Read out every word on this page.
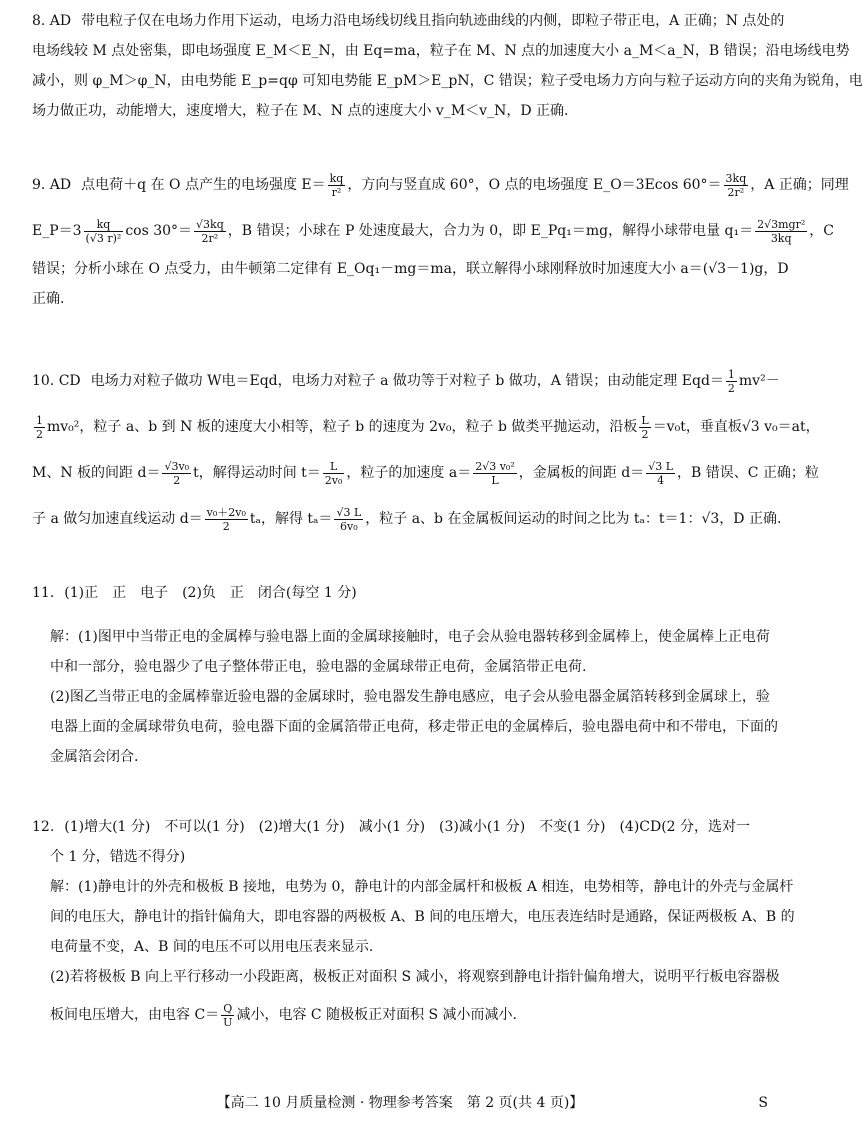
8. AD 带电粒子仅在电场力作用下运动，电场力沿电场线切线且指向轨迹曲线的内侧，即粒子带正电，A 正确；N 点处的
电场线较 M 点处密集，即电场强度 E_M＜E_N，由 Eq=ma，粒子在 M、N 点的加速度大小 a_M＜a_N，B 错误；沿电场线电势
减小，则 φ_M＞φ_N，由电势能 E_p=qφ 可知电势能 E_pM＞E_pN，C 错误；粒子受电场力方向与粒子运动方向的夹角为锐角，电
场力做正功，动能增大，速度增大，粒子在 M、N 点的速度大小 v_M＜v_N，D 正确.
9. AD 点电荷＋q 在 O 点产生的电场强度 $E= \frac{kq}{\text{r²}}$ ，方向与竖直成 60°，O 点的电场强度 E_O＝3Ecos $60^\circ= \frac{3kq}{\text{2r²}}$ ，A 正确；同理
E_P＝3 $\frac{kq}{\text{(√3 r)²}}$ $\cos 30^\circ= \frac{√3kq}{\text{2r²}}$ ，B 错误；小球在 P 处速度最大，合力为 0，即 E_Pq₁＝mg，解得小球带电量 $q_1= \frac{\text{2√3mgr²}}{3kq}$ ，C
错误；分析小球在 O 点受力，由牛顿第二定律有 E_Oq₁－mg＝ma，联立解得小球刚释放时加速度大小 a＝(√3－1)g，D
正确.
10. CD 电场力对粒子做功 W电＝Eqd，电场力对粒子 a 做功等于对粒子 b 做功，A 错误；由动能定理 $Eqd= \frac{1}{2} mv^2-$
$\frac{1}{2} mv_0^2$，粒子 a、b 到 N 板的速度大小相等，粒子 b 的速度为 2v₀，粒子 b 做类平抛运动，沿板 $\frac{L}{2} =v_0t$，垂直板√3 v₀＝at，
M、N 板的间距 $d= \frac{\text{√3v₀}}{2}$ t，解得运动时间 $t= \frac{L}{\text{2v₀}}$ ，粒子的加速度 $a= \frac{\text{2√3 v₀²}}{L}$ ，金属板的间距 $d= \frac{√3 L}{4}$ ，B 错误、C 正确；粒
子 a 做匀加速直线运动 $d= \frac{\text{v₀＋2v₀}}{2}$ tₐ，解得 $t_a= \frac{√3 L}{\text{6v₀}}$ ，粒子 a、b 在金属板间运动的时间之比为 tₐ：t＝1：√3，D 正确.
11. (1)正　正　电子　(2)负　正　闭合(每空 1 分)
解：(1)图甲中当带正电的金属棒与验电器上面的金属球接触时，电子会从验电器转移到金属棒上，使金属棒上正电荷
中和一部分，验电器少了电子整体带正电，验电器的金属球带正电荷，金属箔带正电荷.
(2)图乙当带正电的金属棒靠近验电器的金属球时，验电器发生静电感应，电子会从验电器金属箔转移到金属球上，验
电器上面的金属球带负电荷，验电器下面的金属箔带正电荷，移走带正电的金属棒后，验电器电荷中和不带电，下面的
金属箔会闭合.
12. (1)增大(1 分)　不可以(1 分)　(2)增大(1 分)　减小(1 分)　(3)减小(1 分)　不变(1 分)　(4)CD(2 分，选对一
个 1 分，错选不得分)
解：(1)静电计的外壳和极板 B 接地，电势为 0，静电计的内部金属杆和极板 A 相连，电势相等，静电计的外壳与金属杆
间的电压大，静电计的指针偏角大，即电容器的两极板 A、B 间的电压增大，电压表连结时是通路，保证两极板 A、B 的
电荷量不变，A、B 间的电压不可以用电压表来显示.
(2)若将极板 B 向上平行移动一小段距离，极板正对面积 S 减小，将观察到静电计指针偏角增大，说明平行板电容器极
板间电压增大，由电容 $C= \frac{Q}{U}$ 减小，电容 C 随极板正对面积 S 减小而减小.
【高二 10 月质量检测 · 物理参考答案　第 2 页(共 4 页)】	S
